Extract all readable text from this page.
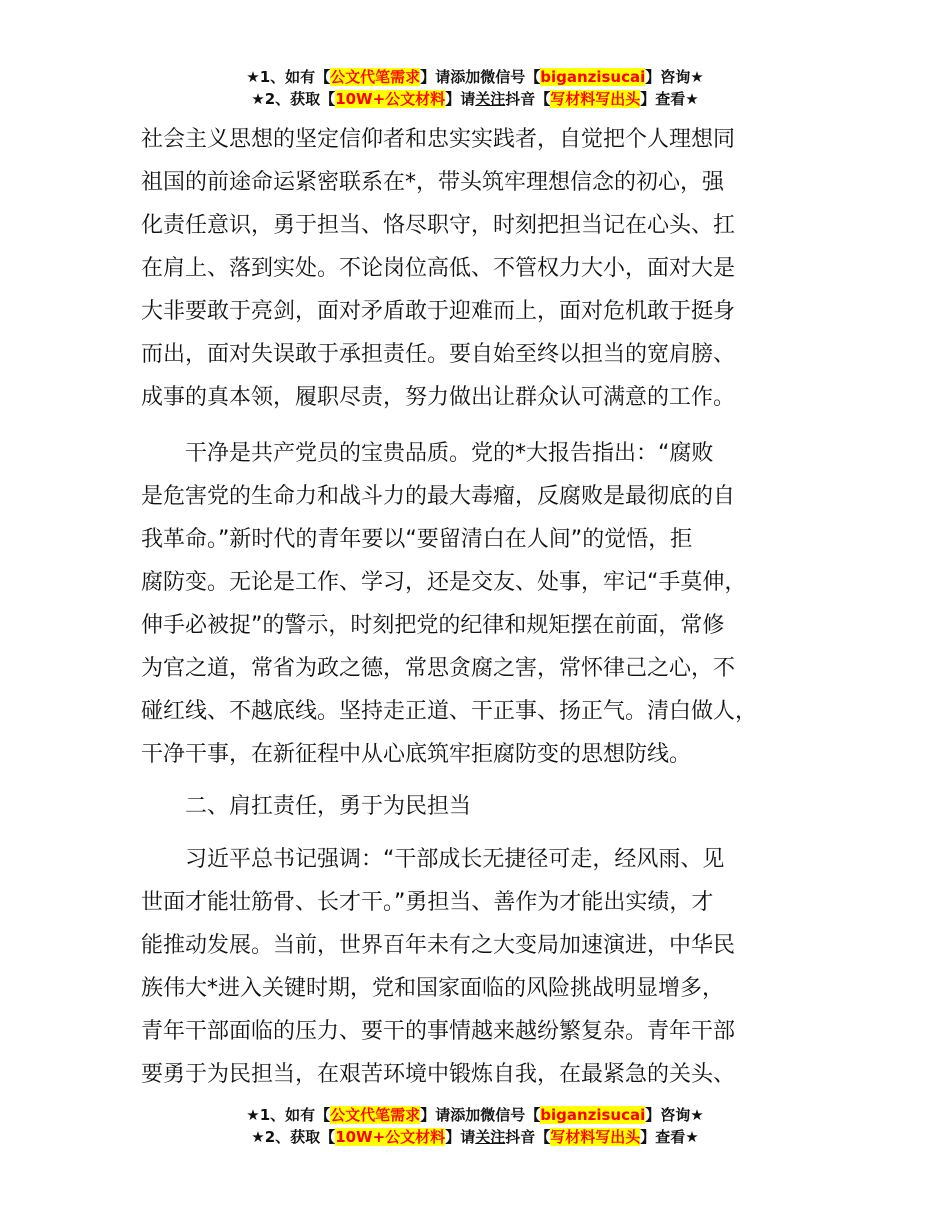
★1、如有【公文代笔需求】请添加微信号【biganzisucai】咨询★
★2、获取【10W+公文材料】请关注抖音【写材料写出头】查看★

社会主义思想的坚定信仰者和忠实实践者，自觉把个人理想同
祖国的前途命运紧密联系在*，带头筑牢理想信念的初心，强
化责任意识，勇于担当、恪尽职守，时刻把担当记在心头、扛
在肩上、落到实处。不论岗位高低、不管权力大小，面对大是
大非要敢于亮剑，面对矛盾敢于迎难而上，面对危机敢于挺身
而出，面对失误敢于承担责任。要自始至终以担当的宽肩膀、
成事的真本领，履职尽责，努力做出让群众认可满意的工作。

　　干净是共产党员的宝贵品质。党的*大报告指出：“腐败
是危害党的生命力和战斗力的最大毒瘤，反腐败是最彻底的自
我革命。”新时代的青年要以“要留清白在人间”的觉悟，拒
腐防变。无论是工作、学习，还是交友、处事，牢记“手莫伸，
伸手必被捉”的警示，时刻把党的纪律和规矩摆在前面，常修
为官之道，常省为政之德，常思贪腐之害，常怀律己之心，不
碰红线、不越底线。坚持走正道、干正事、扬正气。清白做人，
干净干事，在新征程中从心底筑牢拒腐防变的思想防线。

　　二、肩扛责任，勇于为民担当

　　习近平总书记强调：“干部成长无捷径可走，经风雨、见
世面才能壮筋骨、长才干。”勇担当、善作为才能出实绩，才
能推动发展。当前，世界百年未有之大变局加速演进，中华民
族伟大*进入关键时期，党和国家面临的风险挑战明显增多，
青年干部面临的压力、要干的事情越来越纷繁复杂。青年干部
要勇于为民担当，在艰苦环境中锻炼自我，在最紧急的关头、

★1、如有【公文代笔需求】请添加微信号【biganzisucai】咨询★
★2、获取【10W+公文材料】请关注抖音【写材料写出头】查看★
